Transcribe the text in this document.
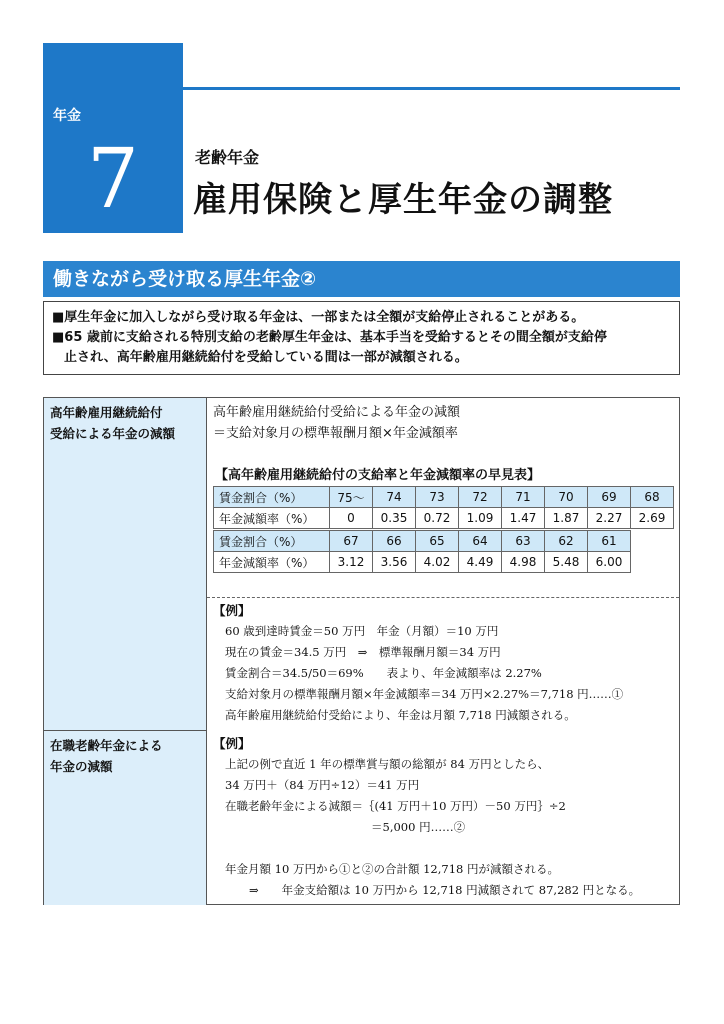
年金
7	老齢年金
雇用保険と厚生年金の調整
働きながら受け取る厚生年金②
■厚生年金に加入しながら受け取る年金は、一部または全額が支給停止されることがある。
■65 歳前に支給される特別支給の老齢厚生年金は、基本手当を受給するとその間全額が支給停
止され、高年齢雇用継続給付を受給している間は一部が減額される。
高年齢雇用継続給付
受給による年金の減額
在職老齢年金による
年金の減額
高年齢雇用継続給付受給による年金の減額
＝支給対象月の標準報酬月額×年金減額率
【高年齢雇用継続給付の支給率と年金減額率の早見表】
賃金割合（%）	75～	74	73	72	71	70	69	68
年金減額率（%）	0	0.35	0.72	1.09	1.47	1.87	2.27	2.69
賃金割合（%）	67	66	65	64	63	62	61
年金減額率（%）	3.12	3.56	4.02	4.49	4.98	5.48	6.00
【例】
60 歳到達時賃金＝50 万円　年金（月額）＝10 万円
現在の賃金＝34.5 万円　⇒　標準報酬月額＝34 万円
賃金割合＝34.5/50＝69%　　表より、年金減額率は 2.27%
支給対象月の標準報酬月額×年金減額率＝34 万円×2.27%＝7,718 円……①
高年齢雇用継続給付受給により、年金は月額 7,718 円減額される。
【例】
上記の例で直近 1 年の標準賞与額の総額が 84 万円としたら、
34 万円＋（84 万円÷12）＝41 万円
在職老齢年金による減額＝｛(41 万円＋10 万円）－50 万円｝÷2
＝5,000 円……②
年金月額 10 万円から①と②の合計額 12,718 円が減額される。
⇒　　年金支給額は 10 万円から 12,718 円減額されて 87,282 円となる。
